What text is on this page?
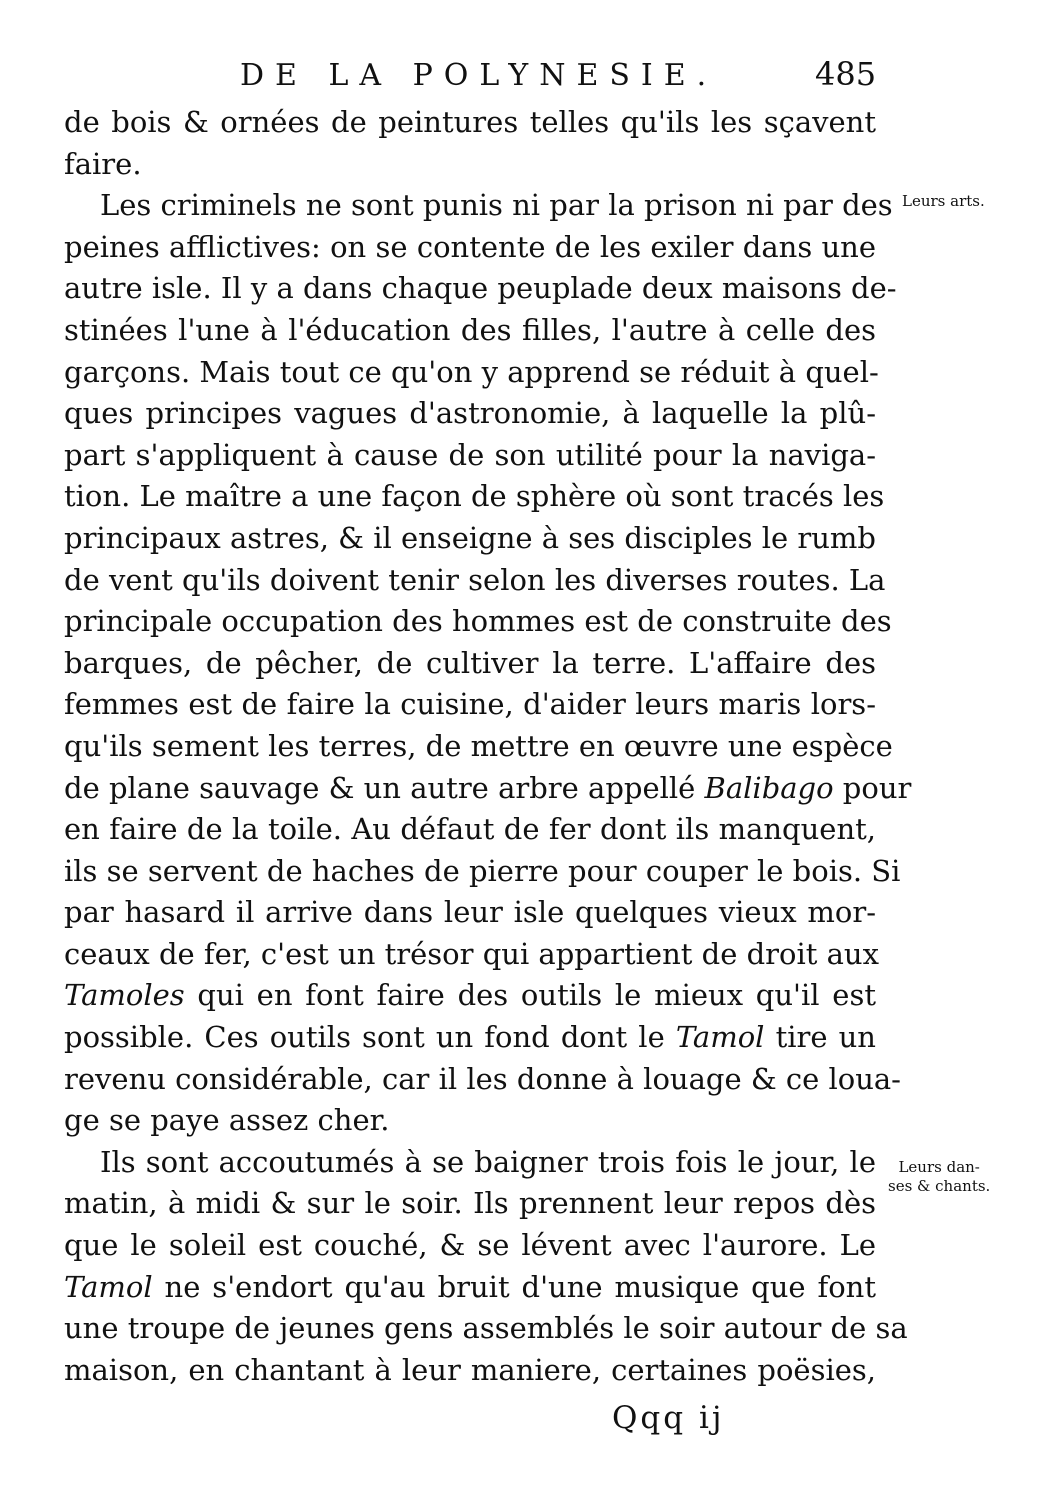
DE LA POLYNESIE.	485
de bois & ornées de peintures telles qu'ils les sçavent
faire.
Les criminels ne sont punis ni par la prison ni par des
peines afflictives: on se contente de les exiler dans une
autre isle. Il y a dans chaque peuplade deux maisons de-
stinées l'une à l'éducation des filles, l'autre à celle des
garçons. Mais tout ce qu'on y apprend se réduit à quel-
ques principes vagues d'astronomie, à laquelle la plû-
part s'appliquent à cause de son utilité pour la naviga-
tion. Le maître a une façon de sphère où sont tracés les
principaux astres, & il enseigne à ses disciples le rumb
de vent qu'ils doivent tenir selon les diverses routes. La
principale occupation des hommes est de construite des
barques, de pêcher, de cultiver la terre. L'affaire des
femmes est de faire la cuisine, d'aider leurs maris lors-
qu'ils sement les terres, de mettre en œuvre une espèce
de plane sauvage & un autre arbre appellé Balibago pour
en faire de la toile. Au défaut de fer dont ils manquent,
ils se servent de haches de pierre pour couper le bois. Si
par hasard il arrive dans leur isle quelques vieux mor-
ceaux de fer, c'est un trésor qui appartient de droit aux
Tamoles qui en font faire des outils le mieux qu'il est
possible. Ces outils sont un fond dont le Tamol tire un
revenu considérable, car il les donne à louage & ce loua-
ge se paye assez cher.
Ils sont accoutumés à se baigner trois fois le jour, le
matin, à midi & sur le soir. Ils prennent leur repos dès
que le soleil est couché, & se lévent avec l'aurore. Le
Tamol ne s'endort qu'au bruit d'une musique que font
une troupe de jeunes gens assemblés le soir autour de sa
maison, en chantant à leur maniere, certaines poësies,
Leurs arts.
Leurs dan-
ses & chants.
Qqq ij
